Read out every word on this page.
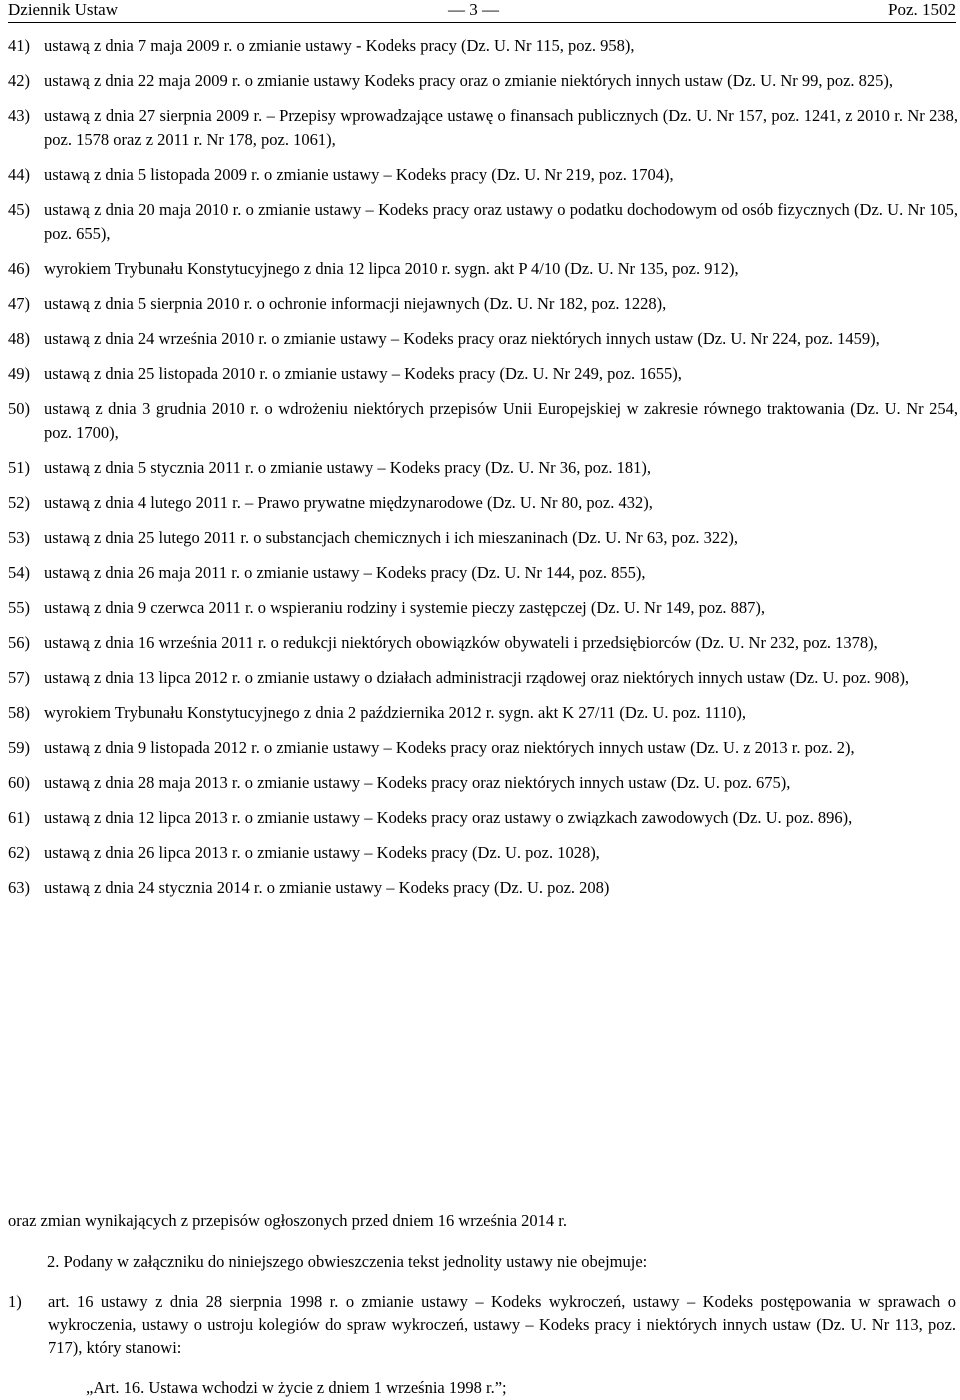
Dziennik Ustaw	— 3 —	Poz. 1502
41) ustawą z dnia 7 maja 2009 r. o zmianie ustawy - Kodeks pracy (Dz. U. Nr 115, poz. 958),
42) ustawą z dnia 22 maja 2009 r. o zmianie ustawy Kodeks pracy oraz o zmianie niektórych innych ustaw (Dz. U. Nr 99, poz. 825),
43) ustawą z dnia 27 sierpnia 2009 r. – Przepisy wprowadzające ustawę o finansach publicznych (Dz. U. Nr 157, poz. 1241, z 2010 r. Nr 238, poz. 1578 oraz z 2011 r. Nr 178, poz. 1061),
44) ustawą z dnia 5 listopada 2009 r. o zmianie ustawy – Kodeks pracy (Dz. U. Nr 219, poz. 1704),
45) ustawą z dnia 20 maja 2010 r. o zmianie ustawy – Kodeks pracy oraz ustawy o podatku dochodowym od osób fizycznych (Dz. U. Nr 105, poz. 655),
46) wyrokiem Trybunału Konstytucyjnego z dnia 12 lipca 2010 r. sygn. akt P 4/10 (Dz. U. Nr 135, poz. 912),
47) ustawą z dnia 5 sierpnia 2010 r. o ochronie informacji niejawnych (Dz. U. Nr 182, poz. 1228),
48) ustawą z dnia 24 września 2010 r. o zmianie ustawy – Kodeks pracy oraz niektórych innych ustaw (Dz. U. Nr 224, poz. 1459),
49) ustawą z dnia 25 listopada 2010 r. o zmianie ustawy – Kodeks pracy (Dz. U. Nr 249, poz. 1655),
50) ustawą z dnia 3 grudnia 2010 r. o wdrożeniu niektórych przepisów Unii Europejskiej w zakresie równego traktowania (Dz. U. Nr 254, poz. 1700),
51) ustawą z dnia 5 stycznia 2011 r. o zmianie ustawy – Kodeks pracy (Dz. U. Nr 36, poz. 181),
52) ustawą z dnia 4 lutego 2011 r. – Prawo prywatne międzynarodowe (Dz. U. Nr 80, poz. 432),
53) ustawą z dnia 25 lutego 2011 r. o substancjach chemicznych i ich mieszaninach (Dz. U. Nr 63, poz. 322),
54) ustawą z dnia 26 maja 2011 r. o zmianie ustawy – Kodeks pracy (Dz. U. Nr 144, poz. 855),
55) ustawą z dnia 9 czerwca 2011 r. o wspieraniu rodziny i systemie pieczy zastępczej (Dz. U. Nr 149, poz. 887),
56) ustawą z dnia 16 września 2011 r. o redukcji niektórych obowiązków obywateli i przedsiębiorców (Dz. U. Nr 232, poz. 1378),
57) ustawą z dnia 13 lipca 2012 r. o zmianie ustawy o działach administracji rządowej oraz niektórych innych ustaw (Dz. U. poz. 908),
58) wyrokiem Trybunału Konstytucyjnego z dnia 2 października 2012 r. sygn. akt K 27/11 (Dz. U. poz. 1110),
59) ustawą z dnia 9 listopada 2012 r. o zmianie ustawy – Kodeks pracy oraz niektórych innych ustaw (Dz. U. z 2013 r. poz. 2),
60) ustawą z dnia 28 maja 2013 r. o zmianie ustawy – Kodeks pracy oraz niektórych innych ustaw (Dz. U. poz. 675),
61) ustawą z dnia 12 lipca 2013 r. o zmianie ustawy – Kodeks pracy oraz ustawy o związkach zawodowych (Dz. U. poz. 896),
62) ustawą z dnia 26 lipca 2013 r. o zmianie ustawy – Kodeks pracy (Dz. U. poz. 1028),
63) ustawą z dnia 24 stycznia 2014 r. o zmianie ustawy – Kodeks pracy (Dz. U. poz. 208)
oraz zmian wynikających z przepisów ogłoszonych przed dniem 16 września 2014 r.
2. Podany w załączniku do niniejszego obwieszczenia tekst jednolity ustawy nie obejmuje:
1) art. 16 ustawy z dnia 28 sierpnia 1998 r. o zmianie ustawy – Kodeks wykroczeń, ustawy – Kodeks postępowania w sprawach o wykroczenia, ustawy o ustroju kolegiów do spraw wykroczeń, ustawy – Kodeks pracy i niektórych innych ustaw (Dz. U. Nr 113, poz. 717), który stanowi:
„Art. 16. Ustawa wchodzi w życie z dniem 1 września 1998 r.”;
